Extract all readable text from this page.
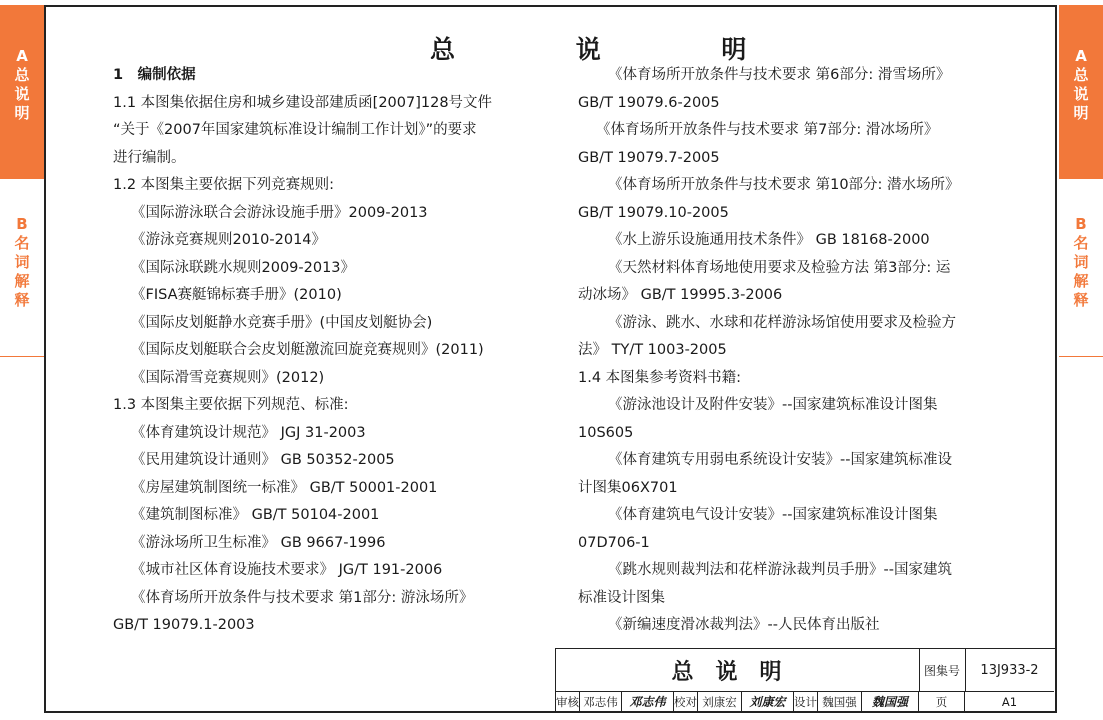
A
总
说
明
B
名
词
解
释
A
总
说
明
B
名
词
解
释
总 说 明
1　编制依据
1.1 本图集依据住房和城乡建设部建质函[2007]128号文件
“关于《2007年国家建筑标准设计编制工作计划》”的要求
进行编制。
1.2 本图集主要依据下列竞赛规则:
《国际游泳联合会游泳设施手册》2009-2013
《游泳竞赛规则2010-2014》
《国际泳联跳水规则2009-2013》
《FISA赛艇锦标赛手册》(2010)
《国际皮划艇静水竞赛手册》(中国皮划艇协会)
《国际皮划艇联合会皮划艇激流回旋竞赛规则》(2011)
《国际滑雪竞赛规则》(2012)
1.3 本图集主要依据下列规范、标准:
《体育建筑设计规范》 JGJ 31-2003
《民用建筑设计通则》 GB 50352-2005
《房屋建筑制图统一标准》 GB/T 50001-2001
《建筑制图标准》 GB/T 50104-2001
《游泳场所卫生标准》 GB 9667-1996
《城市社区体育设施技术要求》 JG/T 191-2006
《体育场所开放条件与技术要求 第1部分: 游泳场所》
GB/T 19079.1-2003
《体育场所开放条件与技术要求 第6部分: 滑雪场所》
GB/T 19079.6-2005
《体育场所开放条件与技术要求 第7部分: 滑冰场所》
GB/T 19079.7-2005
《体育场所开放条件与技术要求 第10部分: 潜水场所》
GB/T 19079.10-2005
《水上游乐设施通用技术条件》 GB 18168-2000
《天然材料体育场地使用要求及检验方法 第3部分: 运
动冰场》 GB/T 19995.3-2006
《游泳、跳水、水球和花样游泳场馆使用要求及检验方
法》 TY/T 1003-2005
1.4 本图集参考资料书籍:
《游泳池设计及附件安装》--国家建筑标准设计图集
10S605
《体育建筑专用弱电系统设计安装》--国家建筑标准设
计图集06X701
《体育建筑电气设计安装》--国家建筑标准设计图集
07D706-1
《跳水规则裁判法和花样游泳裁判员手册》--国家建筑
标准设计图集
《新编速度滑冰裁判法》--人民体育出版社
总说明	图集号	13J933-2
审核 邓志伟 邓志伟 校对 刘康宏	刘康宏 设计 魏国强	魏国强	页	A1
